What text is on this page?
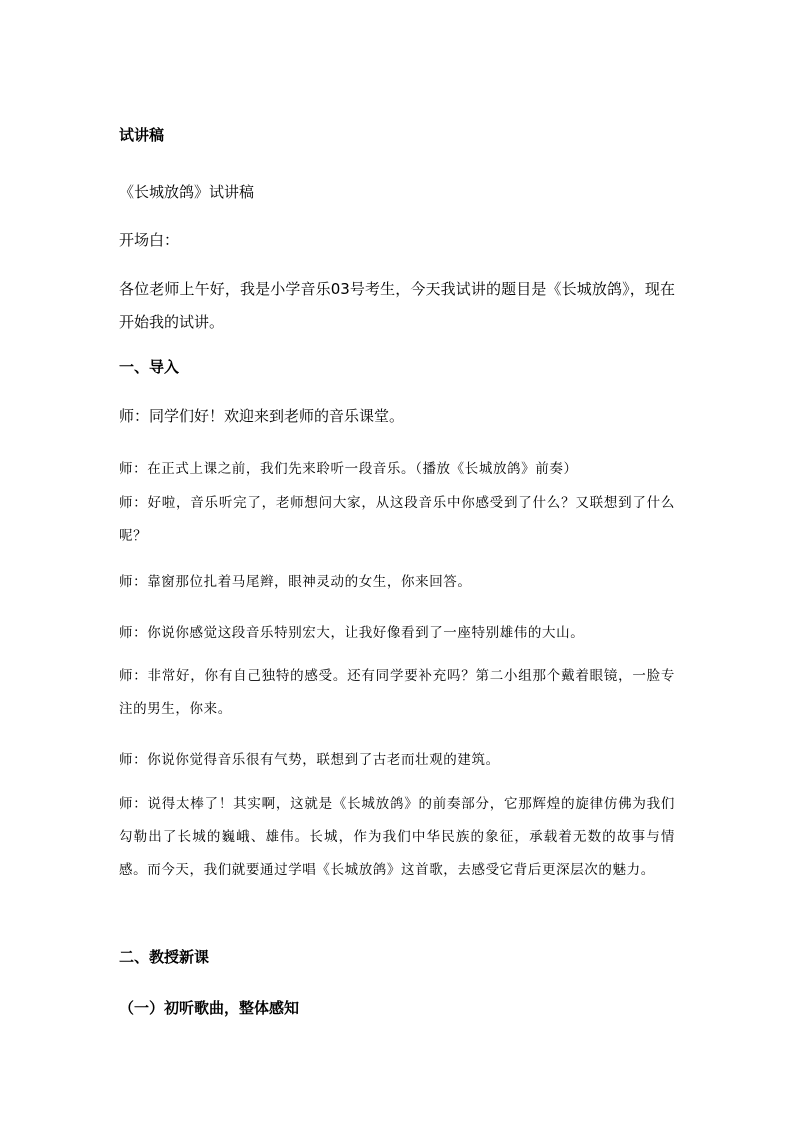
试讲稿
《长城放鸽》试讲稿
开场白：
各位老师上午好，我是小学音乐03号考生，今天我试讲的题目是《长城放鸽》，现在开始我的试讲。
一、导入
师：同学们好！欢迎来到老师的音乐课堂。
师：在正式上课之前，我们先来聆听一段音乐。（播放《长城放鸽》前奏）
师：好啦，音乐听完了，老师想问大家，从这段音乐中你感受到了什么？又联想到了什么呢？
师：靠窗那位扎着马尾辫，眼神灵动的女生，你来回答。
师：你说你感觉这段音乐特别宏大，让我好像看到了一座特别雄伟的大山。
师：非常好，你有自己独特的感受。还有同学要补充吗？第二小组那个戴着眼镜，一脸专注的男生，你来。
师：你说你觉得音乐很有气势，联想到了古老而壮观的建筑。
师：说得太棒了！其实啊，这就是《长城放鸽》的前奏部分，它那辉煌的旋律仿佛为我们勾勒出了长城的巍峨、雄伟。长城，作为我们中华民族的象征，承载着无数的故事与情感。而今天，我们就要通过学唱《长城放鸽》这首歌，去感受它背后更深层次的魅力。
二、教授新课
（一）初听歌曲，整体感知
